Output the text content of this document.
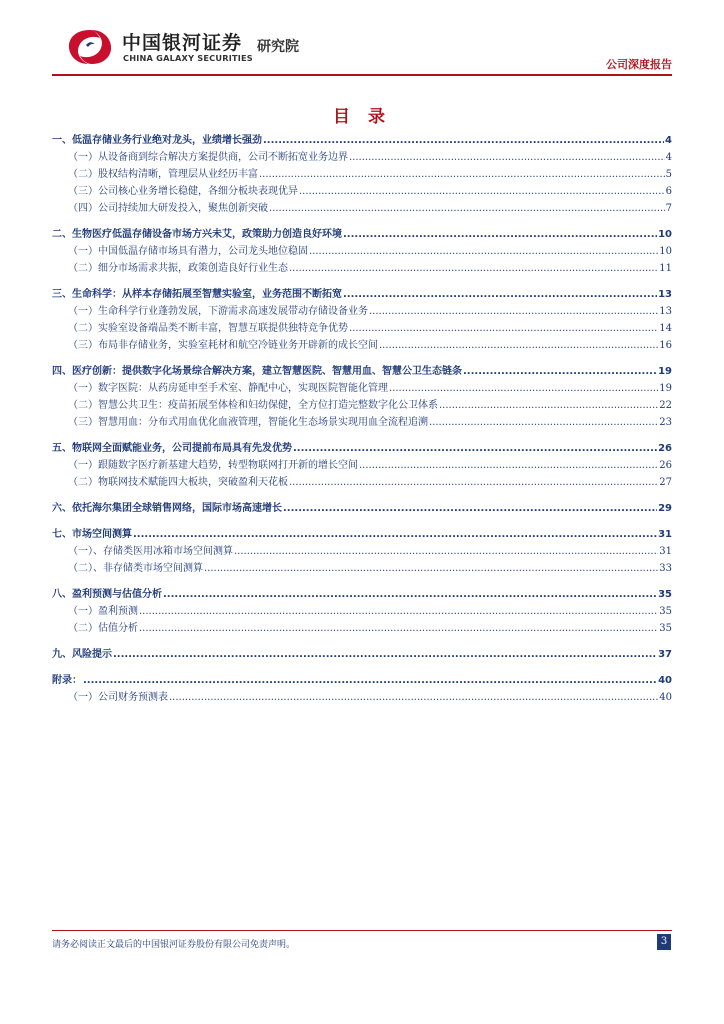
中国银河证券
CHINA GALAXY SECURITIES
研究院
公司深度报告
目 录
一、低温存储业务行业绝对龙头，业绩增长强劲 .....	4
（一）从设备商到综合解决方案提供商，公司不断拓宽业务边界 .....	4
（二）股权结构清晰，管理层从业经历丰富 .....	5
（三）公司核心业务增长稳健，各细分板块表现优异 .....	6
（四）公司持续加大研发投入，聚焦创新突破 .....	7
二、生物医疗低温存储设备市场方兴未艾，政策助力创造良好环境 .....	10
（一）中国低温存储市场具有潜力，公司龙头地位稳固 .....	10
（二）细分市场需求共振，政策创造良好行业生态 .....	11
三、生命科学：从样本存储拓展至智慧实验室，业务范围不断拓宽 .....	13
（一）生命科学行业蓬勃发展，下游需求高速发展带动存储设备业务 .....	13
（二）实验室设备端品类不断丰富，智慧互联提供独特竞争优势 .....	14
（三）布局非存储业务，实验室耗材和航空冷链业务开辟新的成长空间 .....	16
四、医疗创新：提供数字化场景综合解决方案，建立智慧医院、智慧用血、智慧公卫生态链条 .....	19
（一）数字医院：从药房延申至手术室、静配中心，实现医院智能化管理 .....	19
（二）智慧公共卫生：疫苗拓展至体检和妇幼保健，全方位打造完整数字化公卫体系 .....	22
（三）智慧用血：分布式用血优化血液管理，智能化生态场景实现用血全流程追溯 .....	23
五、物联网全面赋能业务，公司提前布局具有先发优势 .....	26
（一）跟随数字医疗新基建大趋势，转型物联网打开新的增长空间 .....	26
（二）物联网技术赋能四大板块，突破盈利天花板 .....	27
六、依托海尔集团全球销售网络，国际市场高速增长 .....	29
七、市场空间测算 .....	31
（一）、存储类医用冰箱市场空间测算 .....	31
（二）、非存储类市场空间测算 .....	33
八、盈利预测与估值分析 .....	35
（一）盈利预测 .....	35
（二）估值分析 .....	35
九、风险提示 .....	37
附录： .....	40
（一）公司财务预测表 .....	40
请务必阅读正文最后的中国银河证券股份有限公司免责声明。	3
